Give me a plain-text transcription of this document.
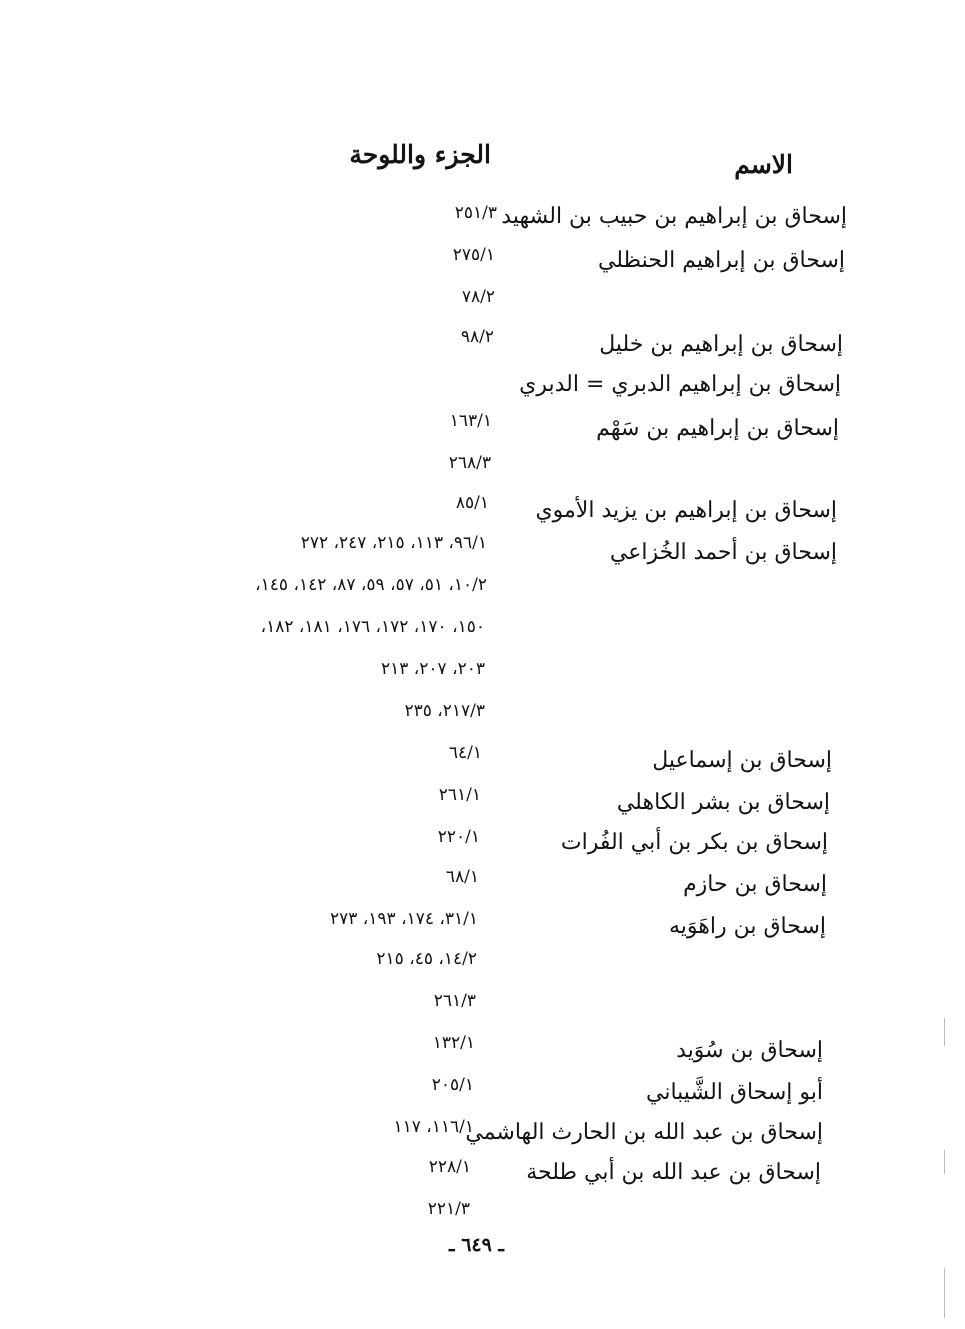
الاسم
الجزء واللوحة
إسحاق بن إبراهيم بن حبيب بن الشهيد
إسحاق بن إبراهيم الحنظلي
إسحاق بن إبراهيم بن خليل
إسحاق بن إبراهيم الدبري = الدبري
إسحاق بن إبراهيم بن سَهْم
إسحاق بن إبراهيم بن يزيد الأموي
إسحاق بن أحمد الخُزاعي
إسحاق بن إسماعيل
إسحاق بن بشر الكاهلي
إسحاق بن بكر بن أبي الفُرات
إسحاق بن حازم
إسحاق بن راهَوَيه
إسحاق بن سُوَيد
أبو إسحاق الشَّيباني
إسحاق بن عبد الله بن الحارث الهاشمي
إسحاق بن عبد الله بن أبي طلحة
٢٥١/٣
٢٧٥/١
٧٨/٢
٩٨/٢
١٦٣/١
٢٦٨/٣
٨٥/١
٩٦/١، ١١٣، ٢١٥، ٢٤٧، ٢٧٢
١٠/٢، ٥١، ٥٧، ٥٩، ٨٧، ١٤٢، ١٤٥،
١٥٠، ١٧٠، ١٧٢، ١٧٦، ١٨١، ١٨٢،
٢٠٣، ٢٠٧، ٢١٣
٢١٧/٣، ٢٣٥
٦٤/١
٢٦١/١
٢٢٠/١
٦٨/١
٣١/١، ١٧٤، ١٩٣، ٢٧٣
١٤/٢، ٤٥، ٢١٥
٢٦١/٣
١٣٢/١
٢٠٥/١
١١٦/١، ١١٧
٢٢٨/١
٢٢١/٣
ـ ٦٤٩ ـ
